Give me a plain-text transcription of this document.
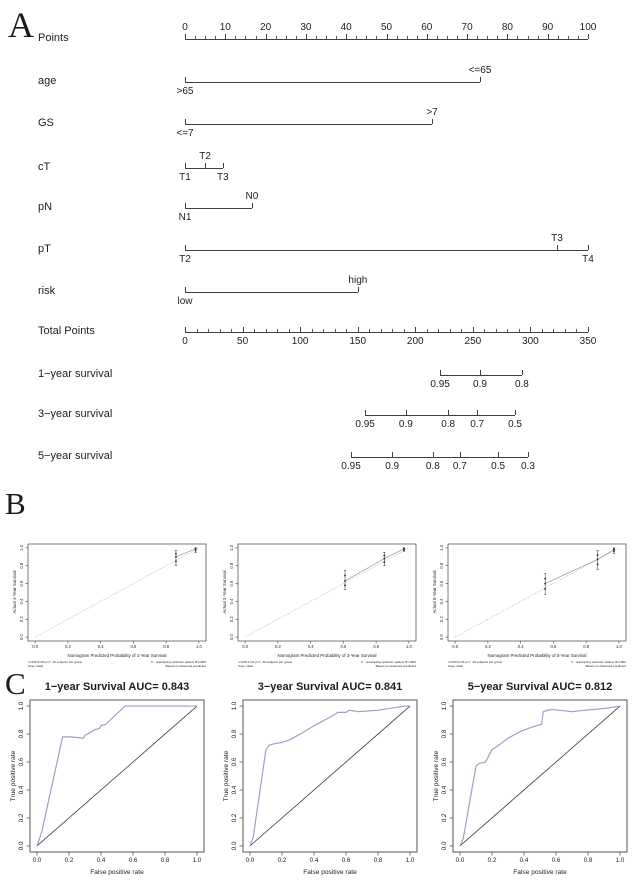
A Points
0	10	20	30	40	50	60	70	80	90	100
age
>65
<=65
GS
<=7
>7
cT
T1
T2
T3
pN
N1
N0
pT
T2
T3
T4
risk
low
high
Total Points
0	50	100	150	200	250	300	350
1−year survival
0.95	0.9	0.8
3−year survival
0.95	0.9	0.8	0.7	0.5
5−year survival
0.95	0.9	0.8	0.7	0.5	0.3
B
0.0
0.0
0.2
0.2
0.4
0.4
0.6
0.6
0.8
0.8
1.0
1.0
Nomogram Predicted Probability of 1-Year Survival
Actual 1-Year Survival
n=239 d=24 p=7, 40 subjects per group
Gray: ideal
X - resampling optimism added, B=1000
Based on observed-predicted
0.0
0.0
0.2
0.2
0.4
0.4
0.6
0.6
0.8
0.8
1.0
1.0
Nomogram Predicted Probability of 3-Year Survival
Actual 3-Year Survival
n=239 d=24 p=7, 40 subjects per group
Gray: ideal
X - resampling optimism added, B=1000
Based on observed-predicted
0.0
0.0
0.2
0.2
0.4
0.4
0.6
0.6
0.8
0.8
1.0
1.0
Nomogram Predicted Probability of 5-Year Survival
Actual 5-Year Survival
n=239 d=24 p=7, 40 subjects per group
Gray: ideal
X - resampling optimism added, B=1000
Based on observed-predicted
C 1−year Survival AUC= 0.843
0.0
0.0
0.2
0.2
0.4
0.4
0.6
0.6
0.8
0.8
1.0
1.0
False positive rate
True positive rate
3−year Survival AUC= 0.841
0.0
0.0
0.2
0.2
0.4
0.4
0.6
0.6
0.8
0.8
1.0
1.0
False positive rate
True positive rate
5−year Survival AUC= 0.812
0.0
0.0
0.2
0.2
0.4
0.4
0.6
0.6
0.8
0.8
1.0
1.0
False positive rate
True positive rate
